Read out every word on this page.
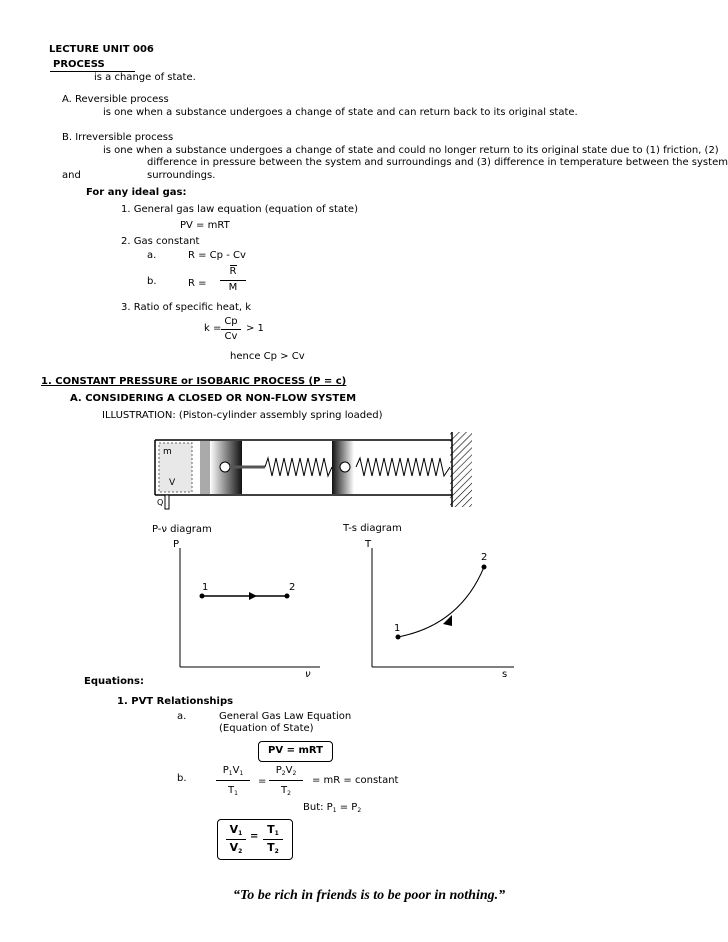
LECTURE UNIT 006
PROCESS
is a change of state.
A. Reversible process
is one when a substance undergoes a change of state and can return back to its original state.
B. Irreversible process
is one when a substance undergoes a change of state and could no longer return to its original state due to (1) friction, (2)
difference in pressure between the system and surroundings and (3) difference in temperature between the system
and	surroundings.
For any ideal gas:
1. General gas law equation (equation of state)
PV = mRT
2. Gas constant
a.	R = Cp - Cv
b.	R =
R
M
3. Ratio of specific heat, k
k =
Cp
Cv
> 1
hence Cp > Cv
1. CONSTANT PRESSURE or ISOBARIC PROCESS (P = c)
A. CONSIDERING A CLOSED OR NON-FLOW SYSTEM
ILLUSTRATION: (Piston-cylinder assembly spring loaded)
m
V
Q
P-ν diagram
P
ν
1	2
T-s diagram
T
s
1
2
Equations:
1. PVT Relationships
a.	General Gas Law Equation
(Equation of State)
PV = mRT
b.
$P_1V_1$
$T_1$
=
$P_2V_2$
$T_2$
= mR = constant
But: $P_1 = P_2$
$V_1$
$V_2$
=
$T_1$
$T_2$
“To be rich in friends is to be poor in nothing.”
